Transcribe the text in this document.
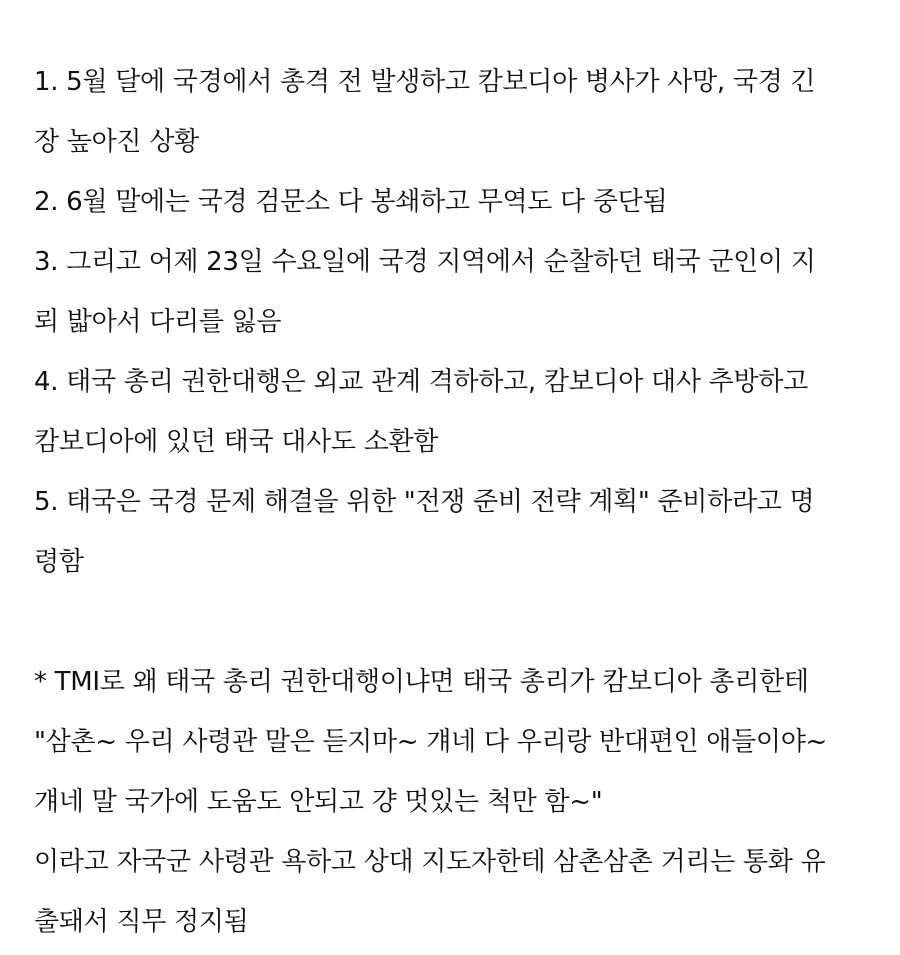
1. 5월 달에 국경에서 총격 전 발생하고 캄보디아 병사가 사망, 국경 긴
장 높아진 상황
2. 6월 말에는 국경 검문소 다 봉쇄하고 무역도 다 중단됨
3. 그리고 어제 23일 수요일에 국경 지역에서 순찰하던 태국 군인이 지
뢰 밟아서 다리를 잃음
4. 태국 총리 권한대행은 외교 관계 격하하고, 캄보디아 대사 추방하고
캄보디아에 있던 태국 대사도 소환함
5. 태국은 국경 문제 해결을 위한 "전쟁 준비 전략 계획" 준비하라고 명
령함
* TMI로 왜 태국 총리 권한대행이냐면 태국 총리가 캄보디아 총리한테
"삼촌~ 우리 사령관 말은 듣지마~ 걔네 다 우리랑 반대편인 애들이야~
걔네 말 국가에 도움도 안되고 걍 멋있는 척만 함~"
이라고 자국군 사령관 욕하고 상대 지도자한테 삼촌삼촌 거리는 통화 유
출돼서 직무 정지됨
